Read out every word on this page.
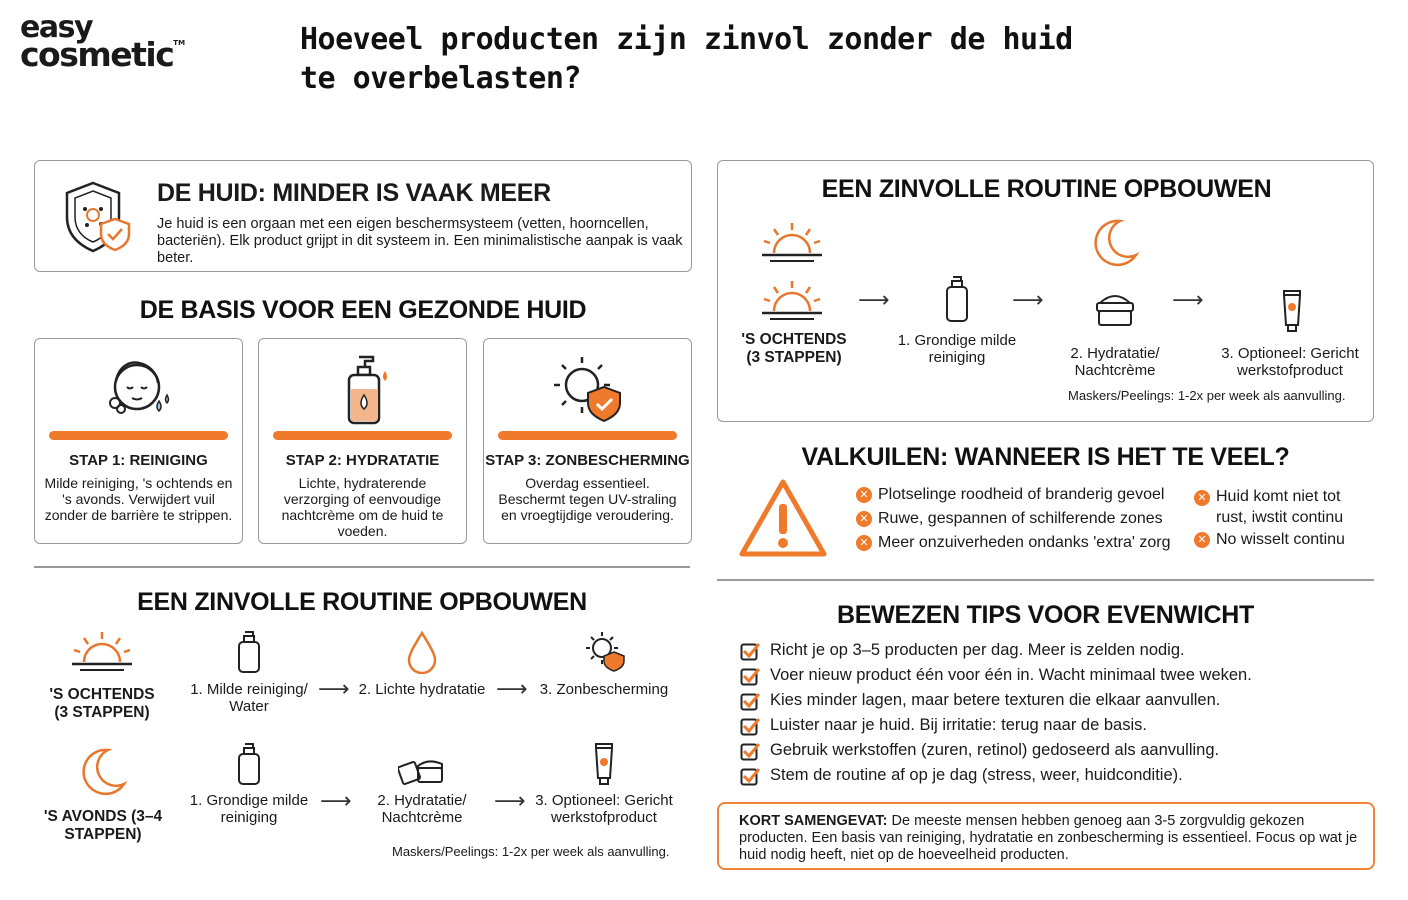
easy
cosmetic™	Hoeveel producten zijn zinvol zonder de huid te overbelasten?
DE HUID: MINDER IS VAAK MEER
Je huid is een orgaan met een eigen beschermsysteem (vetten, hoorncellen, bacteriën). Elk product grijpt in dit systeem in. Een minimalistische aanpak is vaak beter.
DE BASIS VOOR EEN GEZONDE HUID
STAP 1: REINIGING
Milde reiniging, 's ochtends en 's avonds. Verwijdert vuil zonder de barrière te strippen.
STAP 2: HYDRATATIE
Lichte, hydraterende verzorging of eenvoudige nachtcrème om de huid te voeden.
STAP 3: ZONBESCHERMING
Overdag essentieel. Beschermt tegen UV-straling en vroegtijdige veroudering.
EEN ZINVOLLE ROUTINE OPBOUWEN
'S OCHTENDS (3 STAPPEN)
1. Milde reiniging/ Water
⟶ 2. Lichte hydratatie ⟶ 3. Zonbescherming
'S AVONDS (3–4 STAPPEN)
1. Grondige milde reiniging
⟶	2. Hydratatie/ Nachtcrème
⟶ 3. Optioneel: Gericht werkstofproduct
Maskers/Peelings: 1-2x per week als aanvulling.
EEN ZINVOLLE ROUTINE OPBOUWEN
'S OCHTENDS (3 STAPPEN)
⟶
1. Grondige milde reiniging
⟶
2. Hydratatie/ Nachtcrème
⟶
3. Optioneel: Gericht werkstofproduct
Maskers/Peelings: 1-2x per week als aanvulling.
VALKUILEN: WANNEER IS HET TE VEEL?
✕ Plotselinge roodheid of branderig gevoel
✕ Ruwe, gespannen of schilferende zones
✕ Meer onzuiverheden ondanks 'extra' zorg
✕ Huid komt niet tot rust, iwstit continu
✕ No wisselt continu
BEWEZEN TIPS VOOR EVENWICHT
Richt je op 3–5 producten per dag. Meer is zelden nodig.
Voer nieuw product één voor één in. Wacht minimaal twee weken.
Kies minder lagen, maar betere texturen die elkaar aanvullen.
Luister naar je huid. Bij irritatie: terug naar de basis.
Gebruik werkstoffen (zuren, retinol) gedoseerd als aanvulling.
Stem de routine af op je dag (stress, weer, huidconditie).
KORT SAMENGEVAT: De meeste mensen hebben genoeg aan 3-5 zorgvuldig gekozen producten. Een basis van reiniging, hydratatie en zonbescherming is essentieel. Focus op wat je huid nodig heeft, niet op de hoeveelheid producten.
